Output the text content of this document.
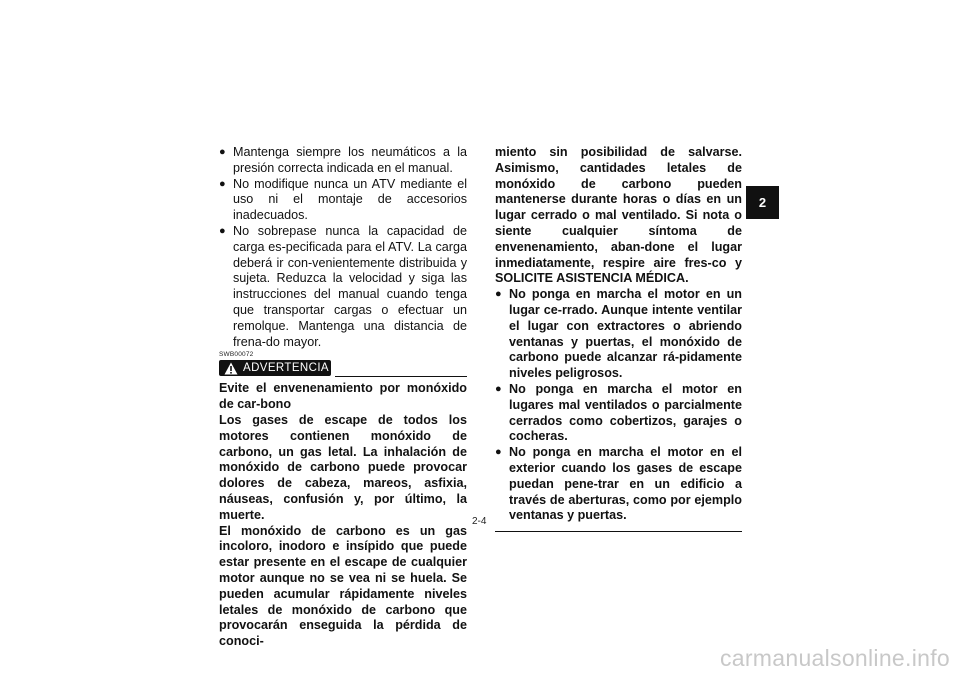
● Mantenga siempre los neumáticos a la presión correcta indicada en el manual.
● No modifique nunca un ATV mediante el uso ni el montaje de accesorios inadecuados.
● No sobrepase nunca la capacidad de carga es-pecificada para el ATV. La carga deberá ir con-venientemente distribuida y sujeta. Reduzca la velocidad y siga las instrucciones del manual cuando tenga que transportar cargas o efectuar un remolque. Mantenga una distancia de frena-do mayor.
SWB00072
ADVERTENCIA

Evite el envenenamiento por monóxido de car-bono

Los gases de escape de todos los motores contienen monóxido de carbono, un gas letal. La inhalación de monóxido de carbono puede provocar dolores de cabeza, mareos, asfixia, náuseas, confusión y, por último, la muerte.

El monóxido de carbono es un gas incoloro, inodoro e insípido que puede estar presente en el escape de cualquier motor aunque no se vea ni se huela. Se pueden acumular rápidamente niveles letales de monóxido de carbono que provocarán enseguida la pérdida de conoci-

miento sin posibilidad de salvarse. Asimismo, cantidades letales de monóxido de carbono pueden mantenerse durante horas o días en un lugar cerrado o mal ventilado. Si nota o siente cualquier síntoma de envenenamiento, aban-done el lugar inmediatamente, respire aire fres-co y SOLICITE ASISTENCIA MÉDICA.

● No ponga en marcha el motor en un lugar ce-rrado. Aunque intente ventilar el lugar con extractores o abriendo ventanas y puertas, el monóxido de carbono puede alcanzar rá-pidamente niveles peligrosos.
● No ponga en marcha el motor en lugares mal ventilados o parcialmente cerrados como cobertizos, garajes o cocheras.
● No ponga en marcha el motor en el exterior cuando los gases de escape puedan pene-trar en un edificio a través de aberturas, como por ejemplo ventanas y puertas.
2-4
2
carmanualsonline.info
